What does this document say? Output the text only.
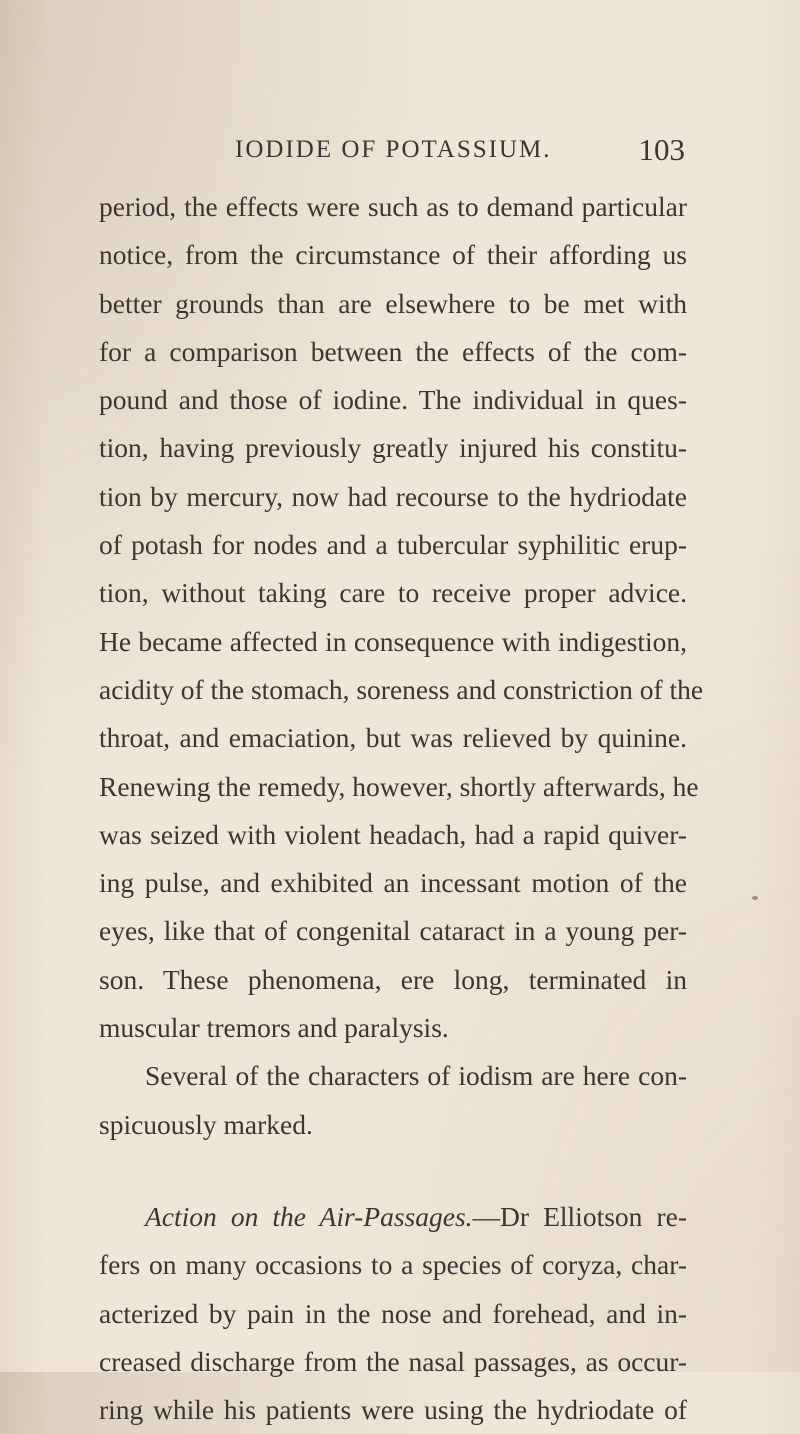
IODIDE OF POTASSIUM.	103
period, the effects were such as to demand particular
notice, from the circumstance of their affording us
better grounds than are elsewhere to be met with
for a comparison between the effects of the com-
pound and those of iodine. The individual in ques-
tion, having previously greatly injured his constitu-
tion by mercury, now had recourse to the hydriodate
of potash for nodes and a tubercular syphilitic erup-
tion, without taking care to receive proper advice.
He became affected in consequence with indigestion,
acidity of the stomach, soreness and constriction of the
throat, and emaciation, but was relieved by quinine.
Renewing the remedy, however, shortly afterwards, he
was seized with violent headach, had a rapid quiver-
ing pulse, and exhibited an incessant motion of the
eyes, like that of congenital cataract in a young per-
son. These phenomena, ere long, terminated in
muscular tremors and paralysis.
Several of the characters of iodism are here con-
spicuously marked.
Action on the Air-Passages.—Dr Elliotson re-
fers on many occasions to a species of coryza, char-
acterized by pain in the nose and forehead, and in-
creased discharge from the nasal passages, as occur-
ring while his patients were using the hydriodate of
